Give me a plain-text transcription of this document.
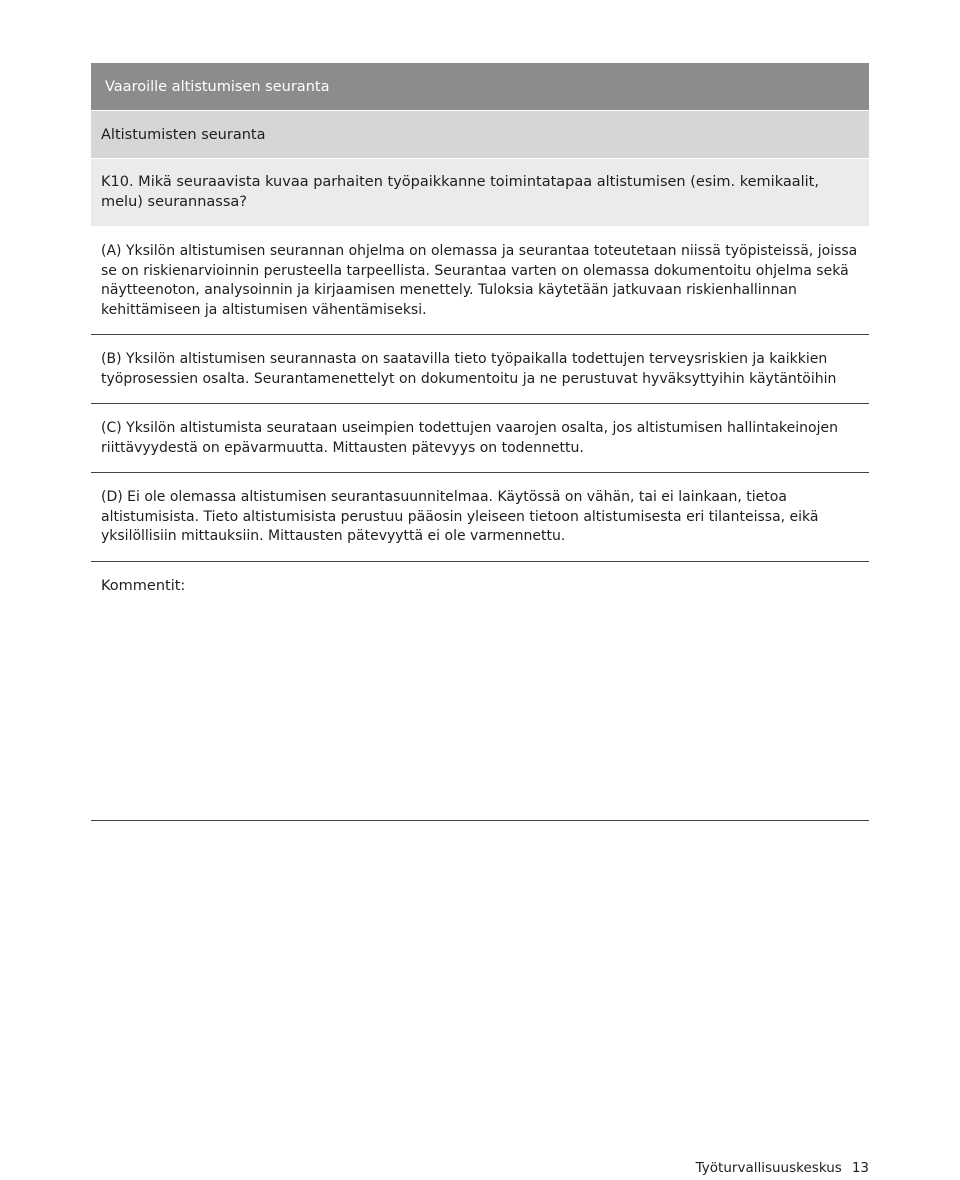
Vaaroille altistumisen seuranta
Altistumisten seuranta
K10. Mikä seuraavista kuvaa parhaiten työpaikkanne toimintatapaa altistumisen (esim. kemikaalit, melu) seurannassa?
(A) Yksilön altistumisen seurannan ohjelma on olemassa ja seurantaa toteutetaan niissä työpisteissä, joissa se on riskienarvioinnin perusteella tarpeellista. Seurantaa varten on olemassa dokumentoitu ohjelma sekä näytteenoton, analysoinnin ja kirjaamisen menettely. Tuloksia käytetään jatkuvaan riskienhallinnan kehittämiseen ja altistumisen vähentämiseksi.
(B) Yksilön altistumisen seurannasta on saatavilla tieto työpaikalla todettujen terveysriskien ja kaikkien työprosessien osalta. Seurantamenettelyt on dokumentoitu ja ne perustuvat hyväksyttyihin käytäntöihin
(C) Yksilön altistumista seurataan useimpien todettujen vaarojen osalta, jos altistumisen hallintakeinojen riittävyydestä on epävarmuutta. Mittausten pätevyys on todennettu.
(D) Ei ole olemassa altistumisen seurantasuunnitelmaa. Käytössä on vähän, tai ei lainkaan, tietoa altistumisista. Tieto altistumisista perustuu pääosin yleiseen tietoon altistumisesta eri tilanteissa, eikä yksilöllisiin mittauksiin. Mittausten pätevyyttä ei ole varmennettu.
Kommentit:
Työturvallisuuskeskus 13
